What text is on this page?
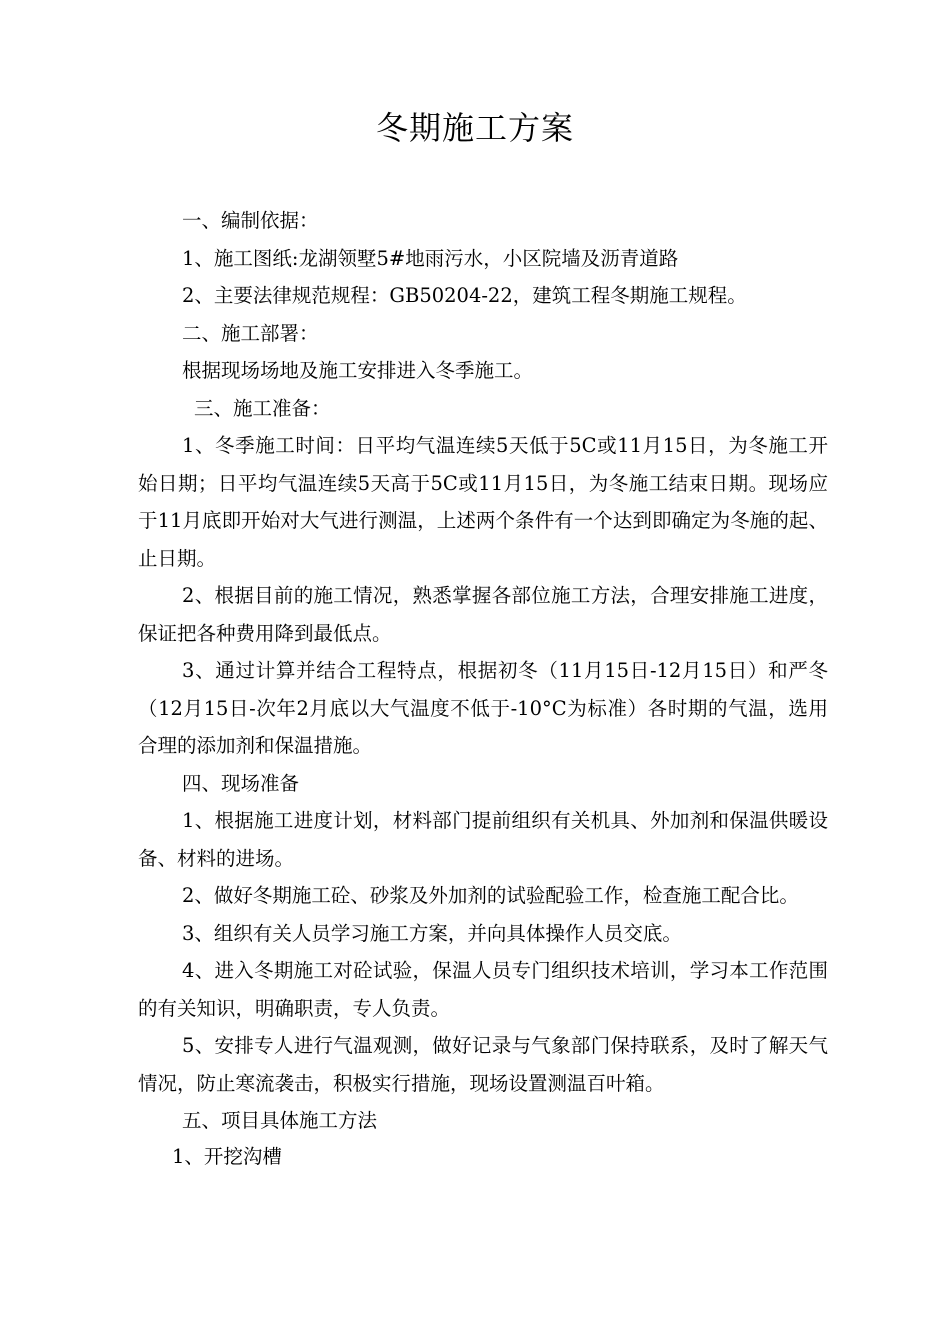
冬期施工方案

一、编制依据：

1、施工图纸:龙湖领墅5#地雨污水，小区院墙及沥青道路

2、主要法律规范规程：GB50204-22，建筑工程冬期施工规程。

二、施工部署：

根据现场场地及施工安排进入冬季施工。

三、施工准备：

1、冬季施工时间：日平均气温连续5天低于5C或11月15日，为冬施工开始日期；日平均气温连续5天高于5C或11月15日，为冬施工结束日期。现场应于11月底即开始对大气进行测温，上述两个条件有一个达到即确定为冬施的起、止日期。

2、根据目前的施工情况，熟悉掌握各部位施工方法，合理安排施工进度，保证把各种费用降到最低点。

3、通过计算并结合工程特点，根据初冬（11月15日-12月15日）和严冬（12月15日-次年2月底以大气温度不低于-10°C为标准）各时期的气温，选用合理的添加剂和保温措施。

四、现场准备

1、根据施工进度计划，材料部门提前组织有关机具、外加剂和保温供暖设备、材料的进场。

2、做好冬期施工砼、砂浆及外加剂的试验配验工作，检查施工配合比。

3、组织有关人员学习施工方案，并向具体操作人员交底。

4、进入冬期施工对砼试验，保温人员专门组织技术培训，学习本工作范围的有关知识，明确职责，专人负责。

5、安排专人进行气温观测，做好记录与气象部门保持联系，及时了解天气情况，防止寒流袭击，积极实行措施，现场设置测温百叶箱。

五、项目具体施工方法

1、开挖沟槽
